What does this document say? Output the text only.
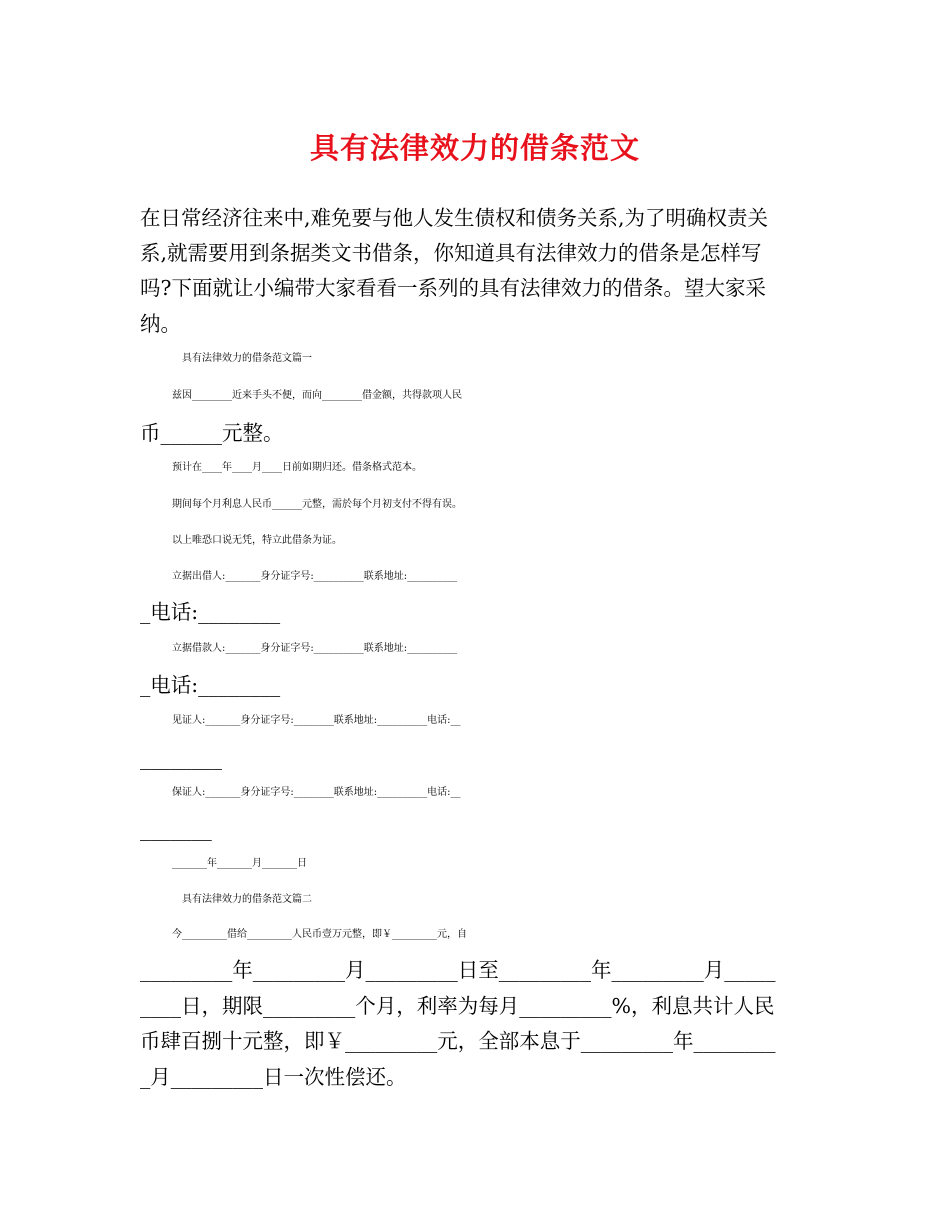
具有法律效力的借条范文
在日常经济往来中,难免要与他人发生债权和债务关系,为了明确权责关
系,就需要用到条据类文书借条，你知道具有法律效力的借条是怎样写
吗?下面就让小编带大家看看一系列的具有法律效力的借条。望大家采
纳。
具有法律效力的借条范文篇一
兹因________近来手头不便，而向________借金额，共得款项人民
币______元整。
预计在____年____月____日前如期归还。借条格式范本。
期间每个月利息人民币______元整，需於每个月初支付不得有误。
以上唯恐口说无凭，特立此借条为证。
立据出借人:_______身分证字号:__________联系地址:__________
_电话:________
立据借款人:_______身分证字号:__________联系地址:__________
_电话:________
见证人:_______身分证字号:________联系地址:__________电话:__
________
保证人:_______身分证字号:________联系地址:__________电话:__
_______
_______年_______月_______日
具有法律效力的借条范文篇二
今_________借给_________人民币壹万元整，即￥_________元，自
_________年_________月_________日至_________年_________月_____
____日，期限_________个月，利率为每月_________%，利息共计人民
币肆百捌十元整，即￥_________元，全部本息于_________年________
_月_________日一次性偿还。
